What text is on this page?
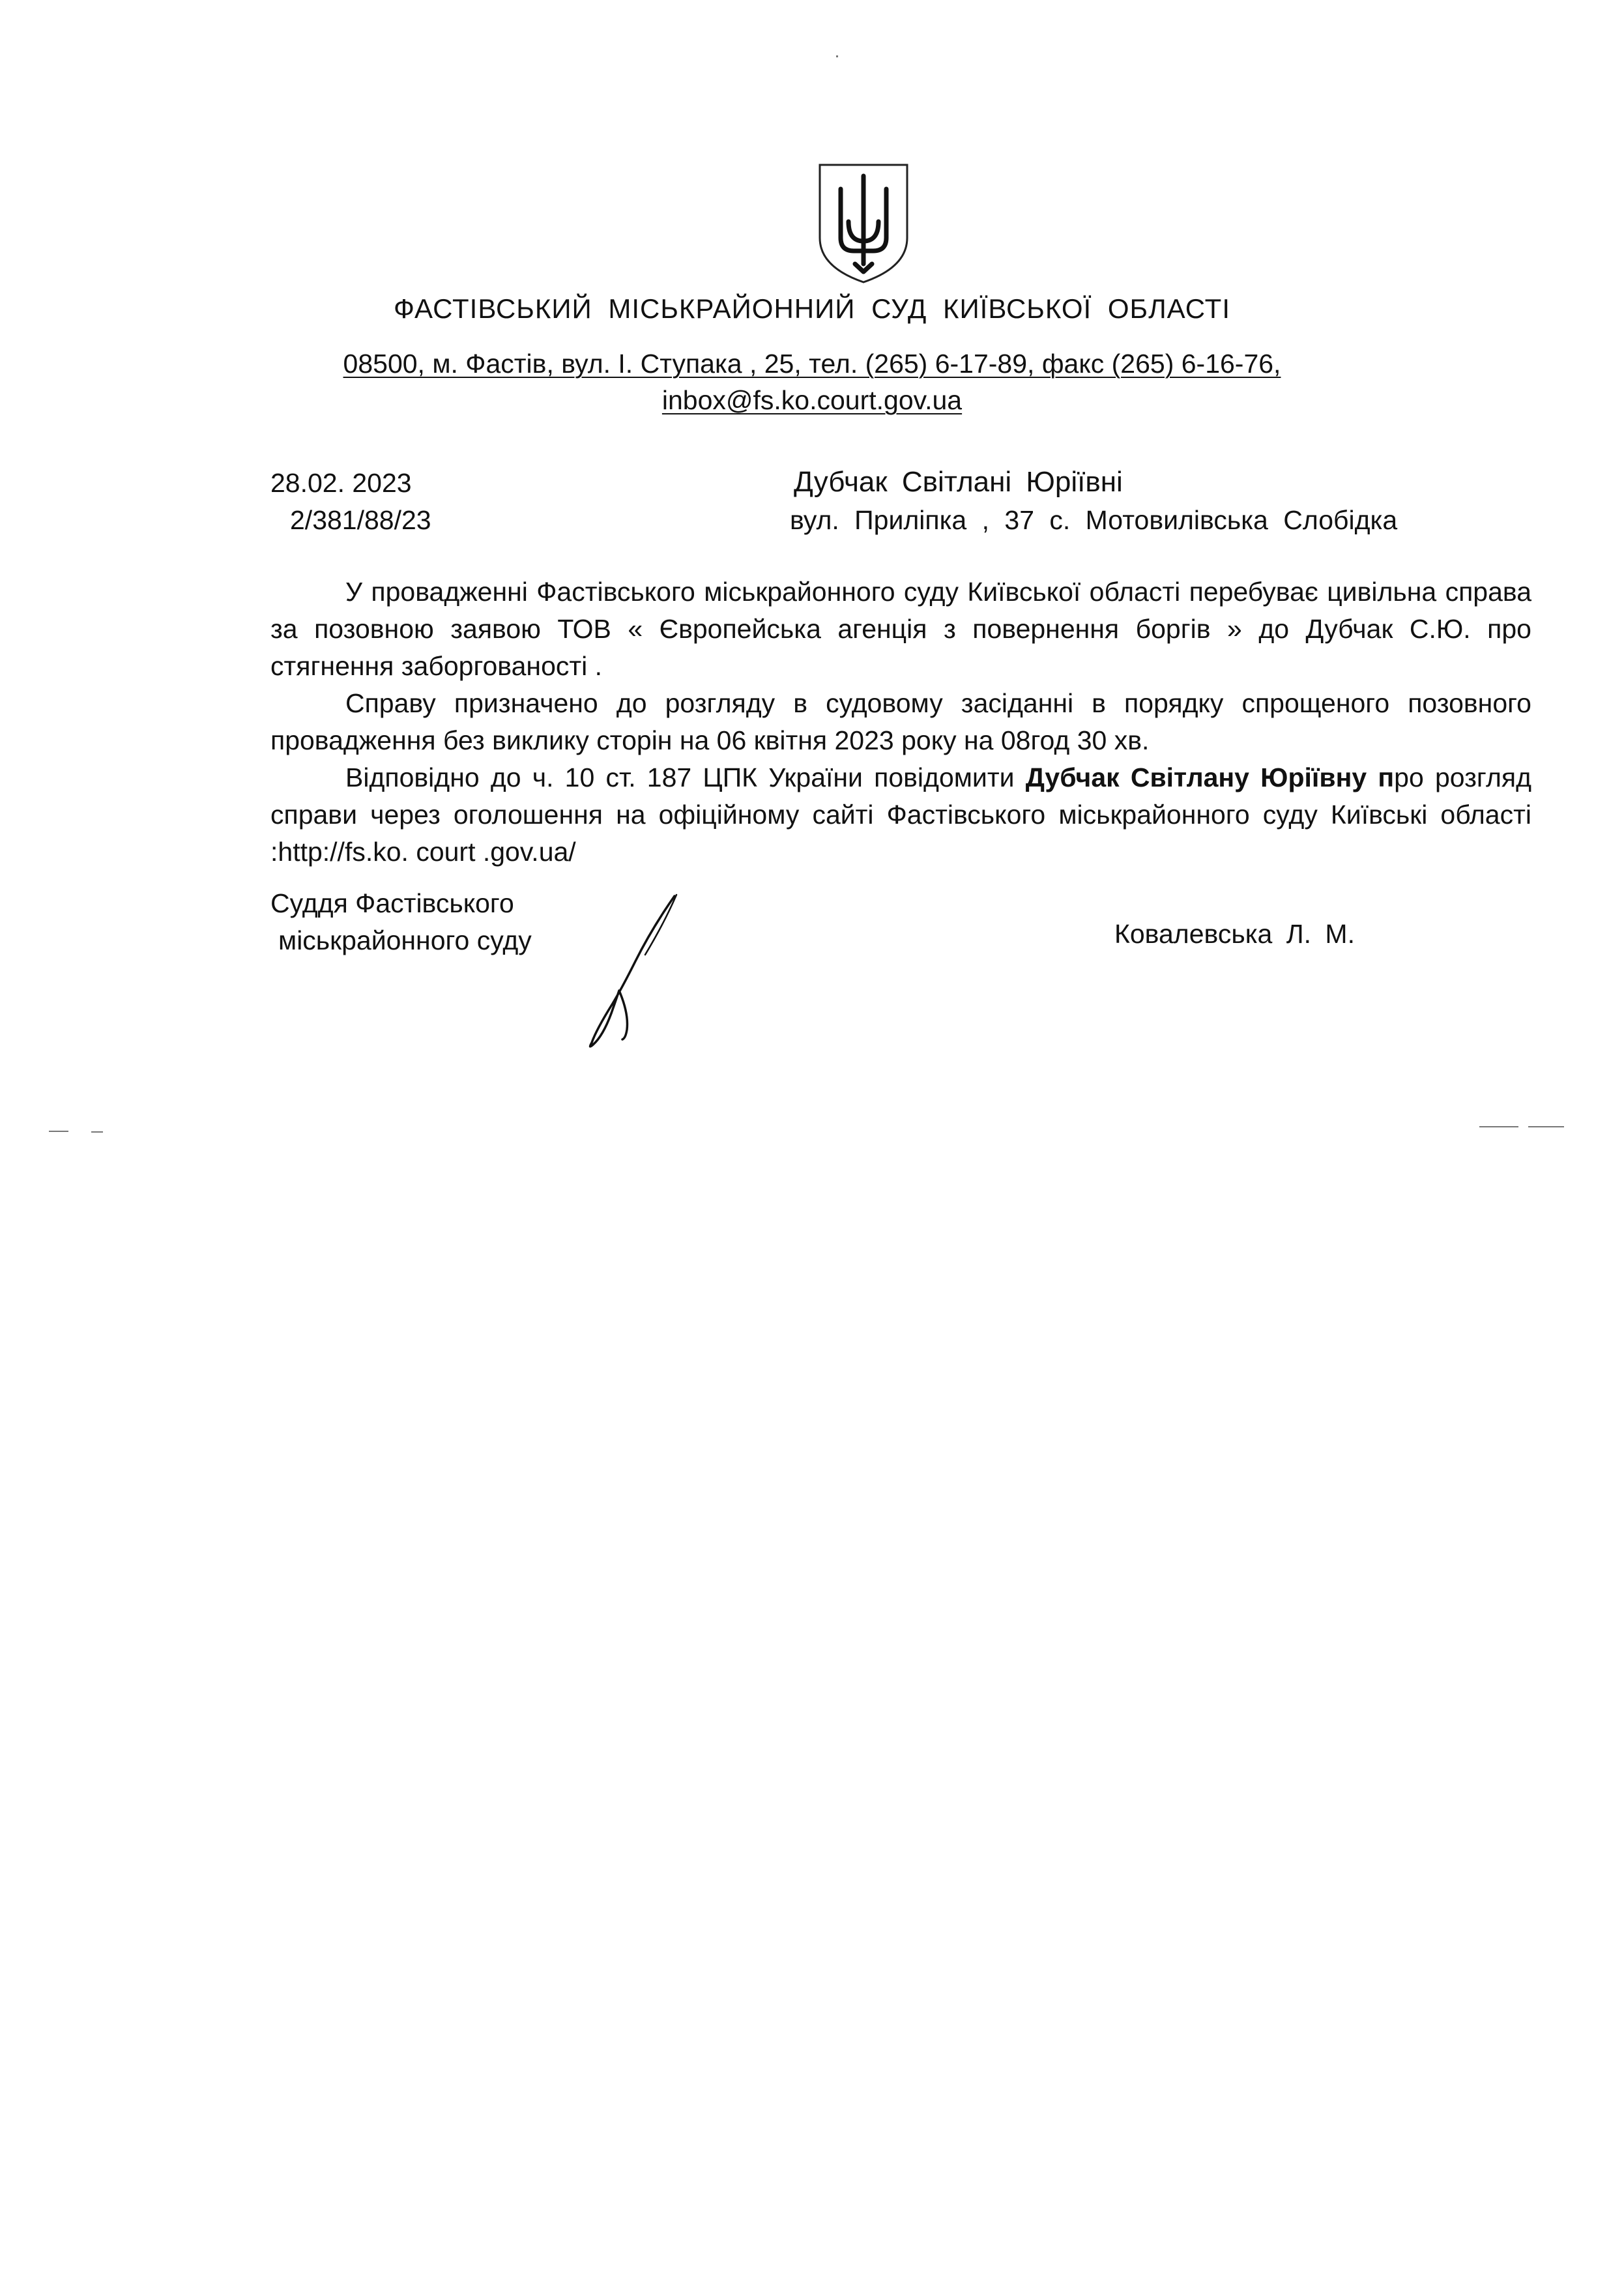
ФАСТІВСЬКИЙ МІСЬКРАЙОННИЙ СУД КИЇВСЬКОЇ ОБЛАСТІ
08500, м. Фастів, вул. І. Ступака , 25, тел. (265) 6-17-89, факс (265) 6-16-76,
inbox@fs.ko.court.gov.ua
28.02. 2023
2/381/88/23
Дубчак Світлані Юріївні
вул. Приліпка , 37 с. Мотовилівська Слобідка

У провадженні Фастівського міськрайонного суду Київської області перебуває цивільна справа за позовною заявою ТОВ « Європейська агенція з повернення боргів » до Дубчак С.Ю. про стягнення заборгованості .

Справу призначено до розгляду в судовому засіданні в порядку спрощеного позовного провадження без виклику сторін на 06 квітня 2023 року на 08год 30 хв.

Відповідно до ч. 10 ст. 187 ЦПК України повідомити Дубчак Світлану Юріївну про розгляд справи через оголошення на офіційному сайті Фастівського міськрайонного суду Київські області :http://fs.ko. court .gov.ua/

Суддя Фастівського
міськрайонного суду	Ковалевська Л. М.
